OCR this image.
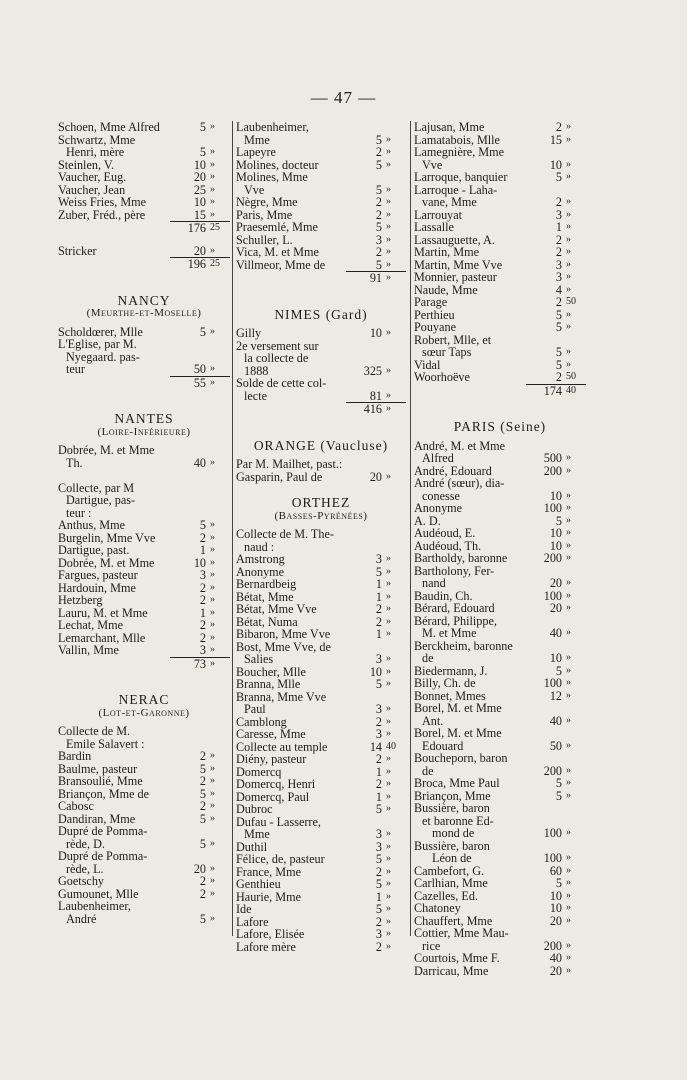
— 47 —
Schoen, Mme Alfred	5 »
Schwartz, Mme
Henri, mère	5 »
Steinlen, V.	10 »
Vaucher, Eug.	20 »
Vaucher, Jean	25 »
Weiss Fries, Mme	10 »
Zuber, Fréd., père	15 »
176 25
Stricker	20 »
196 25
NANCY
(Meurthe-et-Moselle)
Scholdœrer, Mlle	5 »
L'Eglise, par M.
Nyegaard. pas-
teur	50 »
55 »
NANTES
(Loire-Inférieure)
Dobrée, M. et Mme
Th.	40 »
Collecte, par M
Dartigue, pas-
teur :
Anthus, Mme	5 »
Burgelin, Mme Vve	2 »
Dartigue, past.	1 »
Dobrée, M. et Mme	10 »
Fargues, pasteur	3 »
Hardouin, Mme	2 »
Hetzberg	2 »
Lauru, M. et Mme	1 »
Lechat, Mme	2 »
Lemarchant, Mlle	2 »
Vallin, Mme	3 »
73 »
NERAC
(Lot-et-Garonne)
Collecte de M.
Emile Salavert :
Bardin	2 »
Baulme, pasteur	5 »
Bransoulié, Mme	2 »
Briançon, Mme de	5 »
Cabosc	2 »
Dandiran, Mme	5 »
Dupré de Pomma-
rède, D.	5 »
Dupré de Pomma-
rède, L.	20 »
Goetschy	2 »
Gumounet, Mlle	2 »
Laubenheimer,
André	5 »
Laubenheimer,
Mme	5 »
Lapeyre	2 »
Molines, docteur	5 »
Molines, Mme
Vve	5 »
Nègre, Mme	2 »
Paris, Mme	2 »
Praesemlé, Mme	5 »
Schuller, L.	3 »
Vica, M. et Mme	2 »
Villmeor, Mme de	5 »
91 »
NIMES (Gard)
Gilly	10 »
2e versement sur
la collecte de
1888	325 »
Solde de cette col-
lecte	81 »
416 »
ORANGE (Vaucluse)
Par M. Mailhet, past.:
Gasparin, Paul de	20 »
ORTHEZ
(Basses-Pyrénées)
Collecte de M. The-
naud :
Amstrong	3 »
Anonyme	5 »
Bernardbeig	1 »
Bétat, Mme	1 »
Bétat, Mme Vve	2 »
Bétat, Numa	2 »
Bibaron, Mme Vve	1 »
Bost, Mme Vve, de
Salies	3 »
Boucher, Mlle	10 »
Branna, Mlle	5 »
Branna, Mme Vve
Paul	3 »
Camblong	2 »
Caresse, Mme	3 »
Collecte au temple	14 40
Diény, pasteur	2 »
Domercq	1 »
Domercq, Henri	2 »
Domercq, Paul	1 »
Dubroc	5 »
Dufau - Lasserre,
Mme	3 »
Duthil	3 »
Félice, de, pasteur	5 »
France, Mme	2 »
Genthieu	5 »
Haurie, Mme	1 »
Ide	5 »
Lafore	2 »
Lafore, Elisée	3 »
Lafore mère	2 »
Lajusan, Mme	2 »
Lamatabois, Mlle	15 »
Lamegnière, Mme
Vve	10 »
Larroque, banquier	5 »
Larroque - Laha-
vane, Mme	2 »
Larrouyat	3 »
Lassalle	1 »
Lassauguette, A.	2 »
Martin, Mme	2 »
Martin, Mme Vve	3 »
Monnier, pasteur	3 »
Naude, Mme	4 »
Parage	2 50
Perthieu	5 »
Pouyane	5 »
Robert, Mlle, et
sœur Taps	5 »
Vidal	5 »
Woorhoëve	2 50
174 40
PARIS (Seine)
André, M. et Mme
Alfred	500 »
André, Edouard	200 »
André (sœur), dia-
conesse	10 »
Anonyme	100 »
A. D.	5 »
Audéoud, E.	10 »
Audéoud, Th.	10 »
Bartholdy, baronne	200 »
Bartholony, Fer-
nand	20 »
Baudin, Ch.	100 »
Bérard, Edouard	20 »
Bérard, Philippe,
M. et Mme	40 »
Berckheim, baronne
de	10 »
Biedermann, J.	5 »
Billy, Ch. de	100 »
Bonnet, Mmes	12 »
Borel, M. et Mme
Ant.	40 »
Borel, M. et Mme
Edouard	50 »
Boucheporn, baron
de	200 »
Broca, Mme Paul	5 »
Briançon, Mme	5 »
Bussière, baron
et baronne Ed-
mond de	100 »
Bussière, baron
Léon de	100 »
Cambefort, G.	60 »
Carlhian, Mme	5 »
Cazelles, Ed.	10 »
Chatoney	10 »
Chauffert, Mme	20 »
Cottier, Mme Mau-
rice	200 »
Courtois, Mme F.	40 »
Darricau, Mme	20 »
